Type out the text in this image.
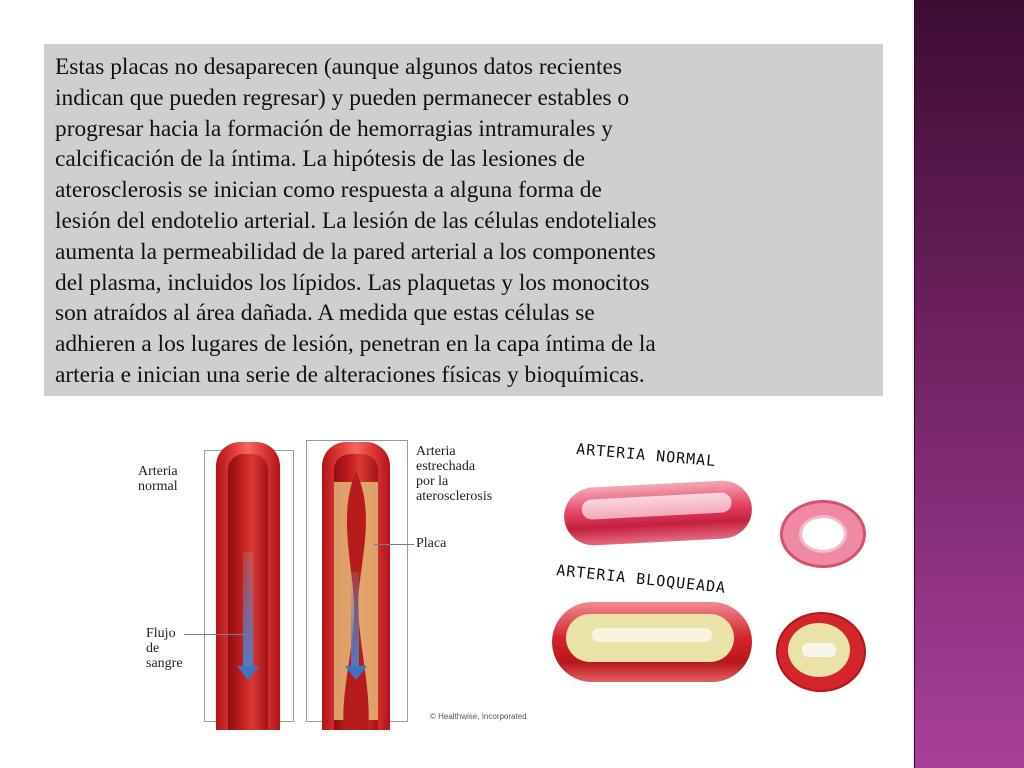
Estas placas no desaparecen (aunque algunos datos recientes
indican que pueden regresar) y pueden permanecer estables o
progresar hacia la formación de hemorragias intramurales y
calcificación de la íntima. La hipótesis de las lesiones de
aterosclerosis se inician como respuesta a alguna forma de
lesión del endotelio arterial. La lesión de las células endoteliales
aumenta la permeabilidad de la pared arterial a los componentes
del plasma, incluidos los lípidos. Las plaquetas y los monocitos
son atraídos al área dañada. A medida que estas células se
adhieren a los lugares de lesión, penetran en la capa íntima de la
arteria e inician una serie de alteraciones físicas y bioquímicas.

Arteria
normal
Arteria
estrechada
por la
aterosclerosis
Placa
Flujo
de
sangre
© Healthwise, Incorporated
ARTERIA NORMAL
ARTERIA BLOQUEADA
